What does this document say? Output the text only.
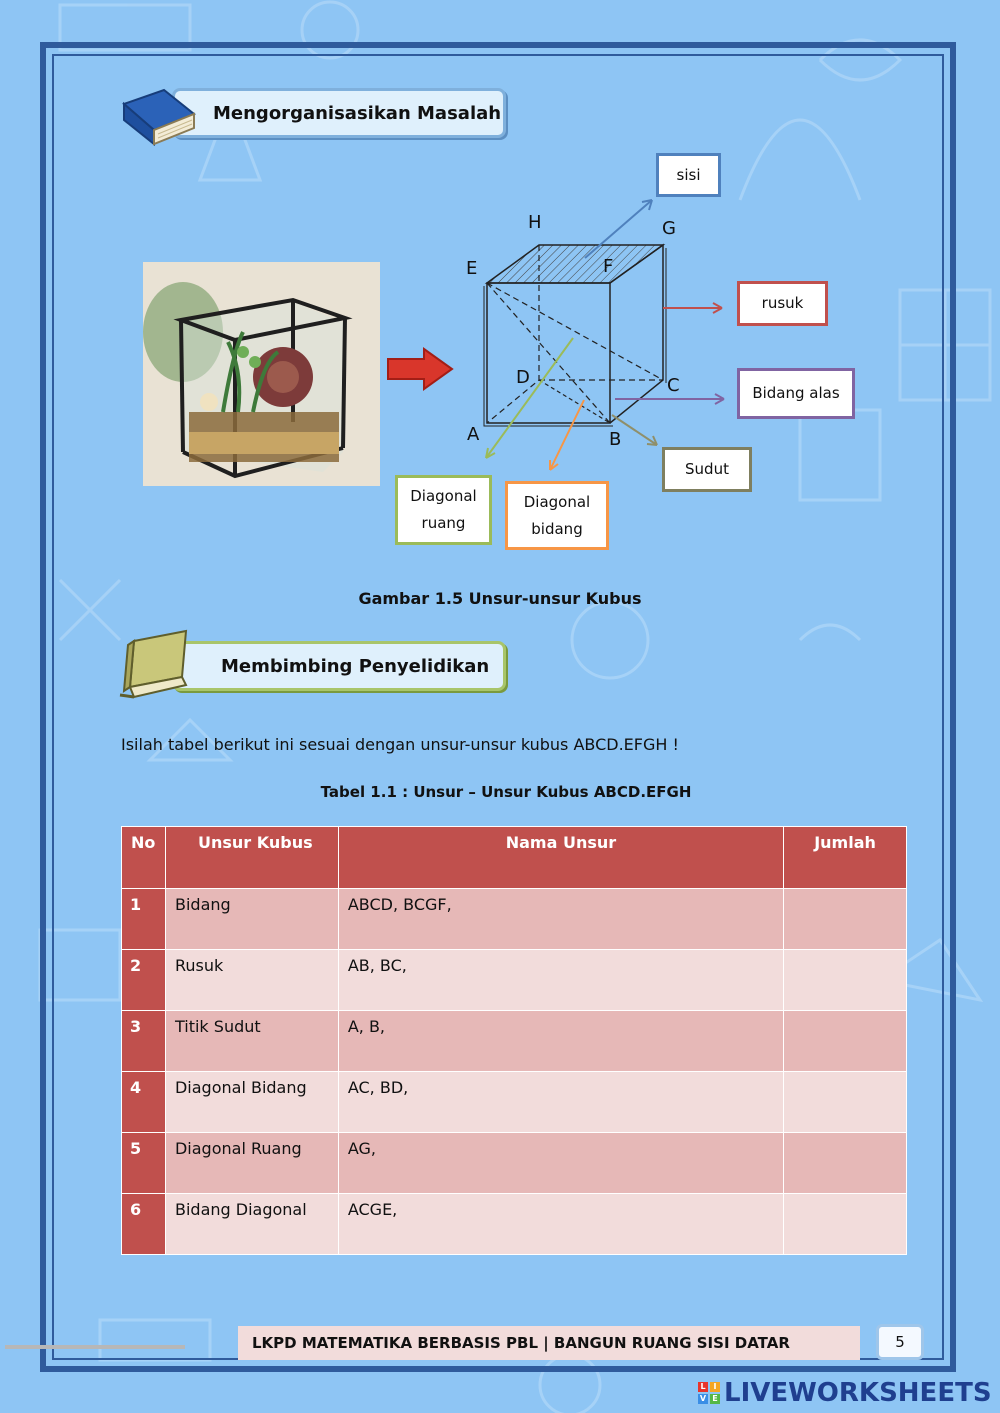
Mengorganisasikan Masalah
H	G
E	F
D	C
A	B
sisi
rusuk
Bidang alas
Sudut
Diagonal ruang
Diagonal bidang
Gambar 1.5 Unsur-unsur Kubus
Membimbing Penyelidikan
Isilah tabel berikut ini sesuai dengan unsur-unsur kubus ABCD.EFGH !
Tabel 1.1 : Unsur – Unsur Kubus ABCD.EFGH
No	Unsur Kubus	Nama Unsur	Jumlah
1	Bidang	ABCD, BCGF,	
2	Rusuk	AB, BC,	
3	Titik Sudut	A, B,	
4	Diagonal Bidang	AC, BD,	
5	Diagonal Ruang	AG,	
6	Bidang Diagonal	ACGE,	
LKPD MATEMATIKA BERBASIS PBL | BANGUN RUANG SISI DATAR	5
L I
V E LIVEWORKSHEETS
